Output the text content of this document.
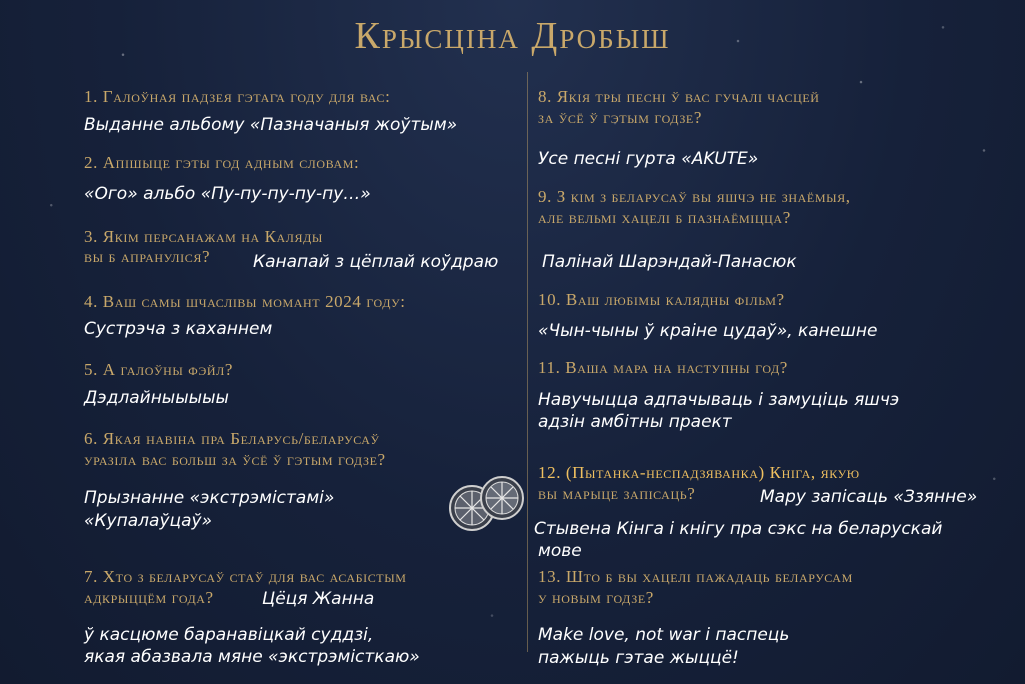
Крысціна Дробыш
1. Галоўная падзея гэтага году для вас:
Выданне альбому «Пазначаныя жоўтым»
2. Апішыце гэты год адным словам:
«Ого» альбо «Пу-пу-пу-пу-пу…»
3. Якім персанажам на Каляды
вы б апрануліся?	Канапай з цёплай коўдраю
4. Ваш самы шчаслівы момант 2024 году:
Сустрэча з каханнем
5. А галоўны фэйл?
Дэдлайныыыыы
6. Якая навіна пра Беларусь/беларусаў
уразіла вас больш за ўсё ў гэтым годзе?
Прызнанне «экстрэмістамі»
«Купалаўцаў»
7. Хто з беларусаў стаў для вас асабістым
адкрыццём года?	Цёця Жанна
ў касцюме баранавіцкай суддзі,
якая абазвала мяне «экстрэмісткаю»
8. Якія тры песні ў вас гучалі часцей
за ўсё ў гэтым годзе?
Усе песні гурта «AKUTE»
9. З кім з беларусаў вы яшчэ не знаёмыя,
але вельмі хацелі б пазнаёміцца?
Палінай Шарэндай-Панасюк
10. Ваш любімы калядны фільм?
«Чын-чыны ў краіне цудаў», канешне
11. Ваша мара на наступны год?
Навучыцца адпачываць і замуціць яшчэ
адзін амбітны праект
12. (Пытанка-неспадзяванка) Кніга, якую
вы марыце запісаць?	Мару запісаць «Ззянне»
Стывена Кінга і кнігу пра сэкс на беларускай
мове
13. Што б вы хацелі пажадаць беларусам
у новым годзе?
Make love, not war і паспець
пажыць гэтае жыццё!
